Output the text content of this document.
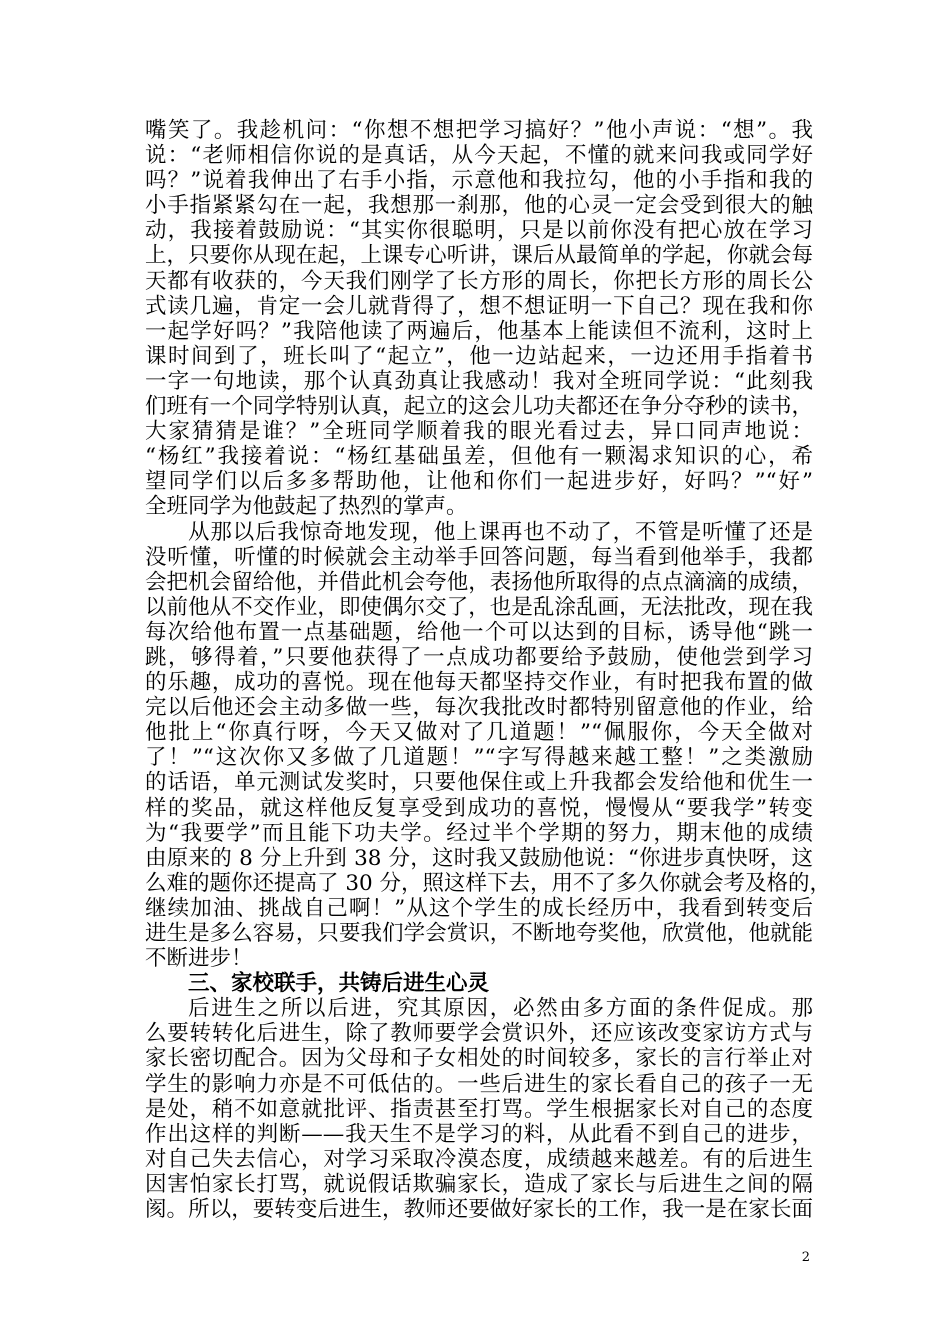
嘴笑了。我趁机问：“你想不想把学习搞好？”他小声说：“想”。我
说：“老师相信你说的是真话，从今天起，不懂的就来问我或同学好
吗？”说着我伸出了右手小指，示意他和我拉勾，他的小手指和我的
小手指紧紧勾在一起，我想那一刹那，他的心灵一定会受到很大的触
动，我接着鼓励说：“其实你很聪明，只是以前你没有把心放在学习
上，只要你从现在起，上课专心听讲，课后从最简单的学起，你就会每
天都有收获的，今天我们刚学了长方形的周长，你把长方形的周长公
式读几遍，肯定一会儿就背得了，想不想证明一下自己？现在我和你
一起学好吗？”我陪他读了两遍后，他基本上能读但不流利，这时上
课时间到了，班长叫了“起立”，他一边站起来，一边还用手指着书
一字一句地读，那个认真劲真让我感动！我对全班同学说：“此刻我
们班有一个同学特别认真，起立的这会儿功夫都还在争分夺秒的读书，
大家猜猜是谁？”全班同学顺着我的眼光看过去，异口同声地说：
“杨红”我接着说：“杨红基础虽差，但他有一颗渴求知识的心，希
望同学们以后多多帮助他，让他和你们一起进步好，好吗？”“好”
全班同学为他鼓起了热烈的掌声。
从那以后我惊奇地发现，他上课再也不动了，不管是听懂了还是
没听懂，听懂的时候就会主动举手回答问题，每当看到他举手，我都
会把机会留给他，并借此机会夸他，表扬他所取得的点点滴滴的成绩，
以前他从不交作业，即使偶尔交了，也是乱涂乱画，无法批改，现在我
每次给他布置一点基础题，给他一个可以达到的目标，诱导他“跳一
跳，够得着，”只要他获得了一点成功都要给予鼓励，使他尝到学习
的乐趣，成功的喜悦。现在他每天都坚持交作业，有时把我布置的做
完以后他还会主动多做一些，每次我批改时都特别留意他的作业，给
他批上“你真行呀，今天又做对了几道题！”“佩服你，今天全做对
了！”“这次你又多做了几道题！”“字写得越来越工整！”之类激励
的话语，单元测试发奖时，只要他保住或上升我都会发给他和优生一
样的奖品，就这样他反复享受到成功的喜悦，慢慢从“要我学”转变
为“我要学”而且能下功夫学。经过半个学期的努力，期末他的成绩
由原来的 8 分上升到 38 分，这时我又鼓励他说：“你进步真快呀，这
么难的题你还提高了 30 分，照这样下去，用不了多久你就会考及格的，
继续加油、挑战自己啊！”从这个学生的成长经历中，我看到转变后
进生是多么容易，只要我们学会赏识，不断地夸奖他，欣赏他，他就能
不断进步！
三、家校联手，共铸后进生心灵
后进生之所以后进，究其原因，必然由多方面的条件促成。那
么要转转化后进生，除了教师要学会赏识外，还应该改变家访方式与
家长密切配合。因为父母和子女相处的时间较多，家长的言行举止对
学生的影响力亦是不可低估的。一些后进生的家长看自己的孩子一无
是处，稍不如意就批评、指责甚至打骂。学生根据家长对自己的态度
作出这样的判断——我天生不是学习的料，从此看不到自己的进步，
对自己失去信心，对学习采取冷漠态度，成绩越来越差。有的后进生
因害怕家长打骂，就说假话欺骗家长，造成了家长与后进生之间的隔
阂。所以，要转变后进生，教师还要做好家长的工作，我一是在家长面
2
